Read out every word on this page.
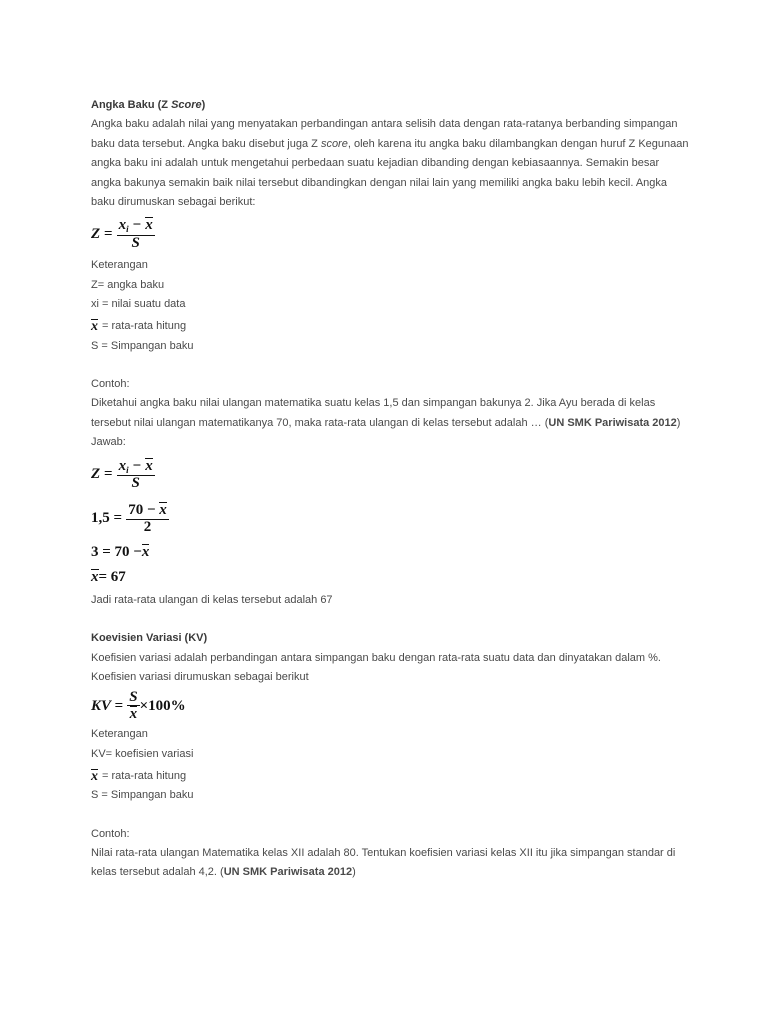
Angka Baku (Z Score)

Angka baku adalah nilai yang menyatakan perbandingan antara selisih data dengan rata-ratanya berbanding simpangan baku data tersebut. Angka baku disebut juga Z score, oleh karena itu angka baku dilambangkan dengan huruf Z Kegunaan angka baku ini adalah untuk mengetahui perbedaan suatu kejadian dibanding dengan kebiasaannya. Semakin besar angka bakunya semakin baik nilai tersebut dibandingkan dengan nilai lain yang memiliki angka baku lebih kecil. Angka baku dirumuskan sebagai berikut:

Z =
$\frac{x_i - x}{S}$

Keterangan

Z= angka baku

xi = nilai suatu data

x = rata-rata hitung

S = Simpangan baku

Contoh:

Diketahui angka baku nilai ulangan matematika suatu kelas 1,5 dan simpangan bakunya 2. Jika Ayu berada di kelas tersebut nilai ulangan matematikanya 70, maka rata-rata ulangan di kelas tersebut adalah … (UN SMK Pariwisata 2012)

Jawab:

Z =
$\frac{x_i - x}{S}$
1,5 =
$\frac{70 - x}{2}$
3 = 70 − x
x = 67

Jadi rata-rata ulangan di kelas tersebut adalah 67

Koevisien Variasi (KV)

Koefisien variasi adalah perbandingan antara simpangan baku dengan rata-rata suatu data dan dinyatakan dalam %. Koefisien variasi dirumuskan sebagai berikut

KV =
$\frac{S}{x} \times 100\%$

Keterangan

KV= koefisien variasi

x = rata-rata hitung

S = Simpangan baku

Contoh:

Nilai rata-rata ulangan Matematika kelas XII adalah 80. Tentukan koefisien variasi kelas XII itu jika simpangan standar di kelas tersebut adalah 4,2. (UN SMK Pariwisata 2012)
